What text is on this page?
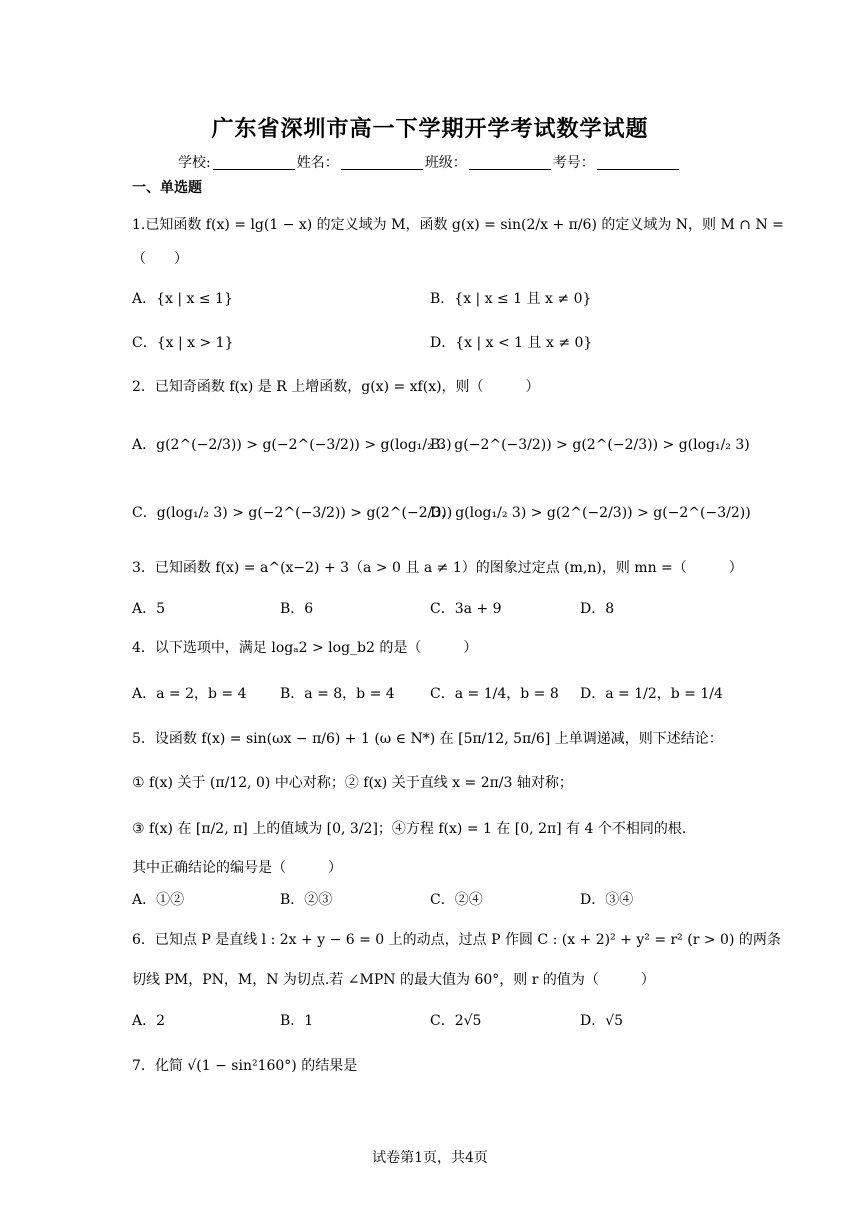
广东省深圳市高一下学期开学考试数学试题
学校:	姓名：	班级：	考号：
一、单选题
1.已知函数 f(x) = lg(1 − x) 的定义域为 M，函数 g(x) = sin(2/x + π/6) 的定义域为 N，则 M ∩ N =
（　　）
A．{x | x ≤ 1}	B．{x | x ≤ 1 且 x ≠ 0}
C．{x | x > 1}	D．{x | x < 1 且 x ≠ 0}
2．已知奇函数 f(x) 是 R 上增函数，g(x) = xf(x)，则（　　　）
A．g(2^(−2/3)) > g(−2^(−3/2)) > g(log₁/₂ 3)
B．g(−2^(−3/2)) > g(2^(−2/3)) > g(log₁/₂ 3)
C．g(log₁/₂ 3) > g(−2^(−3/2)) > g(2^(−2/3))
D．g(log₁/₂ 3) > g(2^(−2/3)) > g(−2^(−3/2))
3．已知函数 f(x) = a^(x−2) + 3（a > 0 且 a ≠ 1）的图象过定点 (m,n)，则 mn =（　　　）
A．5	B．6	C．3a + 9	D．8
4．以下选项中，满足 logₐ2 > log_b2 的是（　　　）
A．a = 2，b = 4 B．a = 8，b = 4	C．a = 1/4，b = 8 D．a = 1/2，b = 1/4
5．设函数 f(x) = sin(ωx − π/6) + 1 (ω ∈ N*) 在 [5π/12, 5π/6] 上单调递减，则下述结论：
① f(x) 关于 (π/12, 0) 中心对称；② f(x) 关于直线 x = 2π/3 轴对称；
③ f(x) 在 [π/2, π] 上的值域为 [0, 3/2]；④方程 f(x) = 1 在 [0, 2π] 有 4 个不相同的根.
其中正确结论的编号是（　　　）
A．①②	B．②③	C．②④	D．③④
6．已知点 P 是直线 l : 2x + y − 6 = 0 上的动点，过点 P 作圆 C : (x + 2)² + y² = r² (r > 0) 的两条
切线 PM，PN，M，N 为切点.若 ∠MPN 的最大值为 60°，则 r 的值为（　　　）
A．2	B．1	C．2√5	D．√5
7．化简 √(1 − sin²160°) 的结果是
试卷第1页，共4页
